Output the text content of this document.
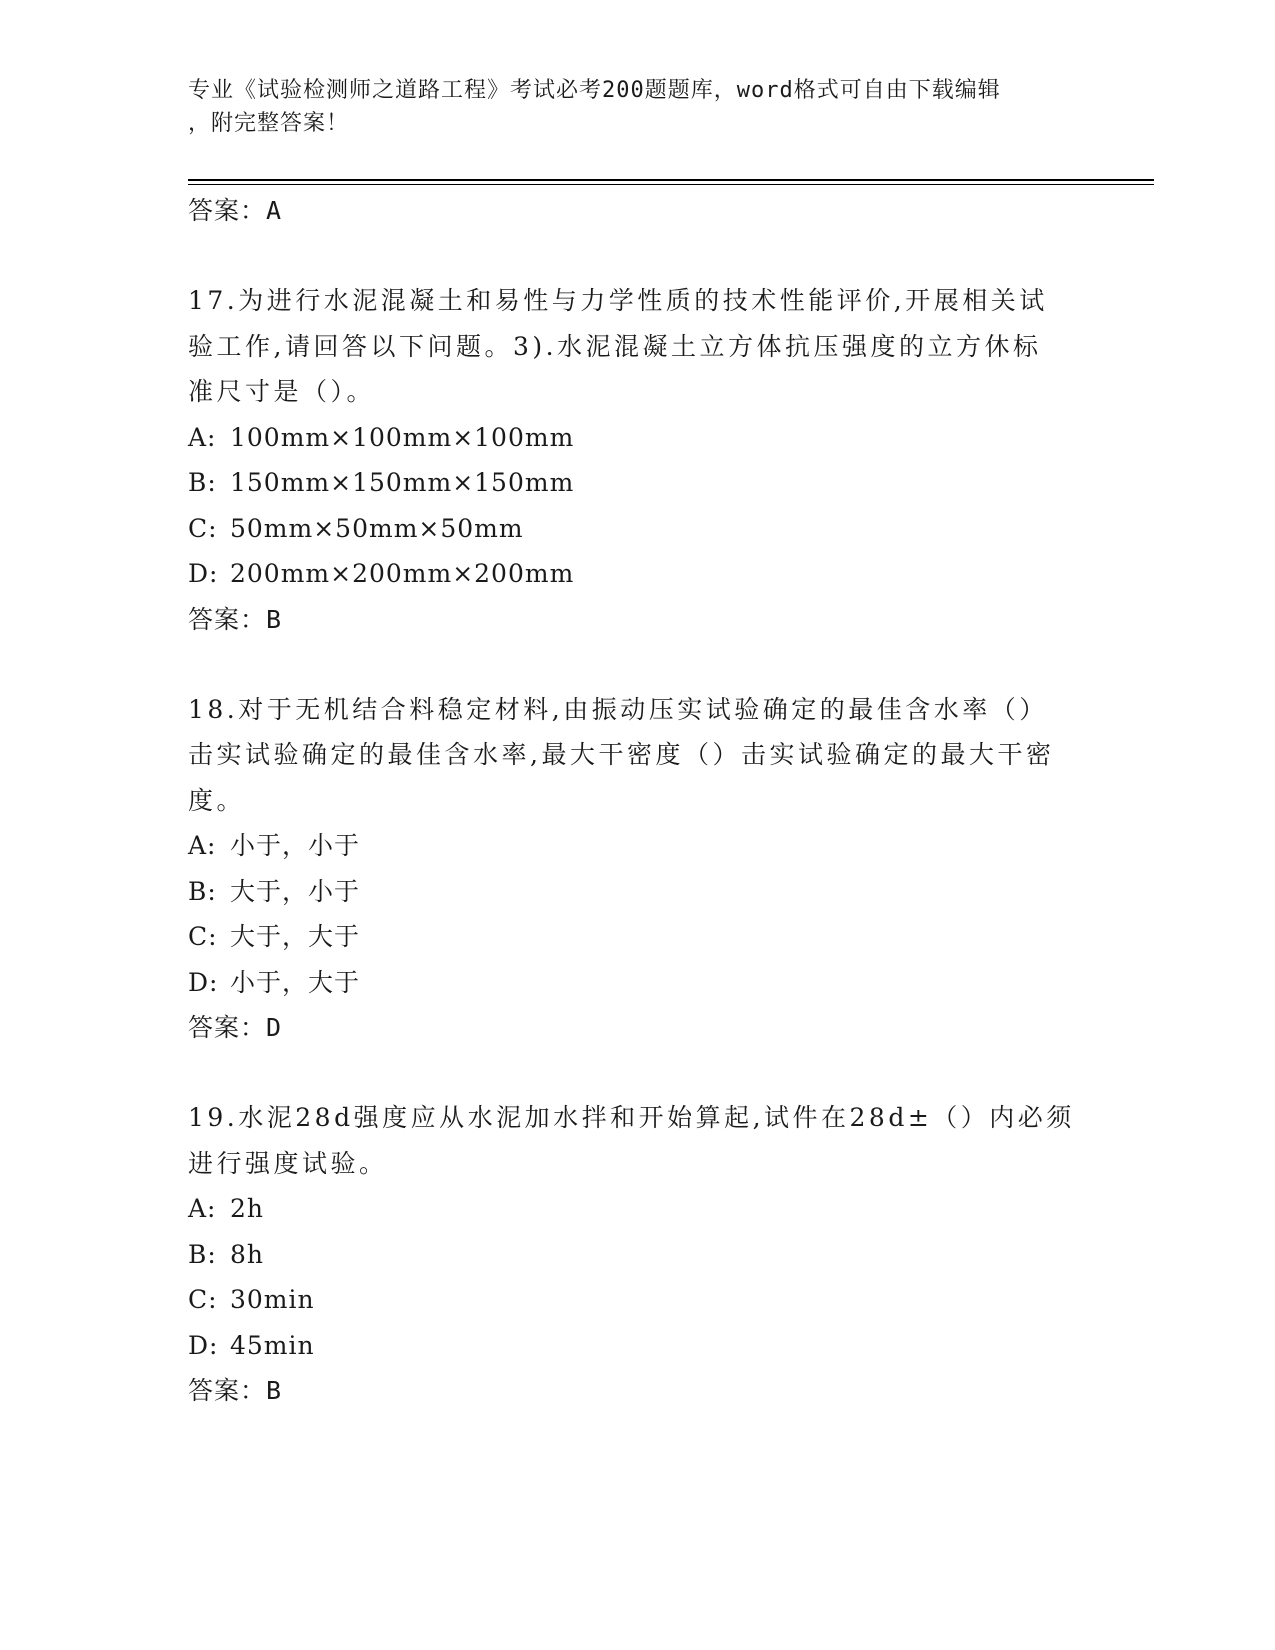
专业《试验检测师之道路工程》考试必考200题题库，word格式可自由下载编辑
，附完整答案！
答案：A
17.为进行水泥混凝土和易性与力学性质的技术性能评价,开展相关试
验工作,请回答以下问题。3).水泥混凝土立方体抗压强度的立方休标
准尺寸是（）。
A: 100mm×100mm×100mm
B: 150mm×150mm×150mm
C: 50mm×50mm×50mm
D: 200mm×200mm×200mm
答案：B
18.对于无机结合料稳定材料,由振动压实试验确定的最佳含水率（）
击实试验确定的最佳含水率,最大干密度（）击实试验确定的最大干密
度。
A: 小于，小于
B: 大于，小于
C: 大于，大于
D: 小于，大于
答案：D
19.水泥28d强度应从水泥加水拌和开始算起,试件在28d±（）内必须
进行强度试验。
A: 2h
B: 8h
C: 30min
D: 45min
答案：B
